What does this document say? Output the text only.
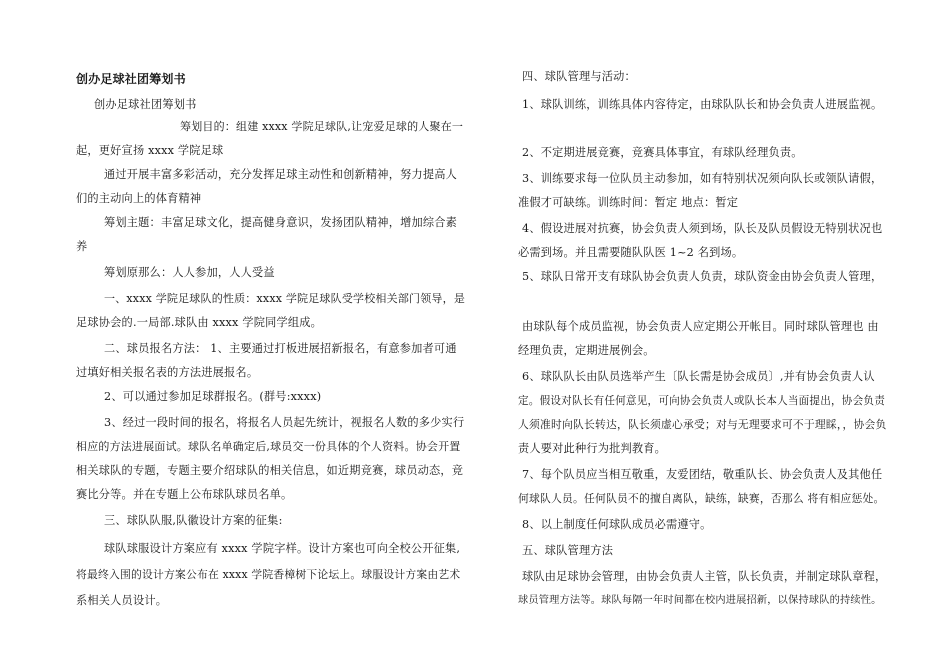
创办足球社团筹划书
创办足球社团筹划书
筹划目的：组建 xxxx 学院足球队,让宠爱足球的人聚在一
起，更好宣扬 xxxx 学院足球
通过开展丰富多彩活动，充分发挥足球主动性和创新精神，努力提高人
们的主动向上的体育精神
筹划主题：丰富足球文化，提高健身意识，发扬团队精神，增加综合素
养
筹划原那么：人人参加，人人受益
一、xxxx 学院足球队的性质：xxxx 学院足球队受学校相关部门领导，是
足球协会的.一局部.球队由 xxxx 学院同学组成。
二、球员报名方法： 1、主要通过打板进展招新报名，有意参加者可通
过填好相关报名表的方法进展报名。
2、可以通过参加足球群报名。(群号:xxxx)
3、经过一段时间的报名，将报名人员起先统计，视报名人数的多少实行
相应的方法进展面试。球队名单确定后,球员交一份具体的个人资料。协会开置
相关球队的专题，专题主要介绍球队的相关信息，如近期竞赛，球员动态，竞
赛比分等。并在专题上公布球队球员名单。
三、球队队服,队徽设计方案的征集:
球队球服设计方案应有 xxxx 学院字样。设计方案也可向全校公开征集,
将最终入围的设计方案公布在 xxxx 学院香樟树下论坛上。球服设计方案由艺术
系相关人员设计。
四、球队管理与活动：
1、球队训练，训练具体内容待定，由球队队长和协会负责人进展监视。
2、不定期进展竞赛，竞赛具体事宜，有球队经理负责。
3、训练要求每一位队员主动参加，如有特别状况须向队长或领队请假，
准假才可缺练。训练时间：暂定 地点：暂定
4、假设进展对抗赛，协会负责人须到场，队长及队员假设无特别状况也
必需到场。并且需要随队队医 1~2 名到场。
5、球队日常开支有球队协会负责人负责，球队资金由协会负责人管理，
由球队每个成员监视，协会负责人应定期公开帐目。同时球队管理也 由
经理负责，定期进展例会。
6、球队队长由队员选举产生〔队长需是协会成员〕,并有协会负责人认
定。假设对队长有任何意见，可向协会负责人或队长本人当面提出，协会负责
人须准时向队长转达，队长须虚心承受；对与无理要求可不于理睬，，协会负
责人要对此种行为批判教育。
7、每个队员应当相互敬重，友爱团结，敬重队长、协会负责人及其他任
何球队人员。任何队员不的擅自离队，缺练，缺赛，否那么 将有相应惩处。
8、以上制度任何球队成员必需遵守。
五、球队管理方法
球队由足球协会管理，由协会负责人主管，队长负责，并制定球队章程，
球员管理方法等。球队每隔一年时间都在校内进展招新，以保持球队的持续性。
